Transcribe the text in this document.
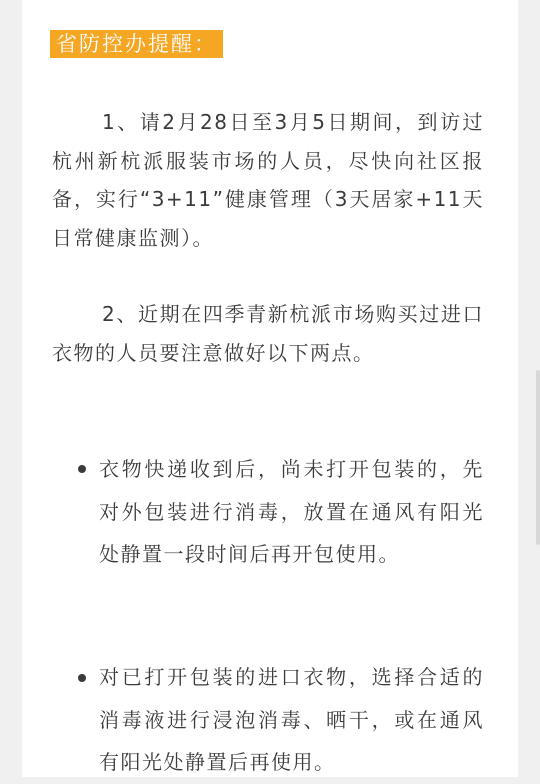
省防控办提醒：

1、请2月28日至3月5日期间，到访过杭州新杭派服装市场的人员，尽快向社区报备，实行“3+11”健康管理（3天居家+11天日常健康监测）。

2、近期在四季青新杭派市场购买过进口衣物的人员要注意做好以下两点。

衣物快递收到后，尚未打开包装的，先对外包装进行消毒，放置在通风有阳光处静置一段时间后再开包使用。

对已打开包装的进口衣物，选择合适的消毒液进行浸泡消毒、晒干，或在通风有阳光处静置后再使用。
